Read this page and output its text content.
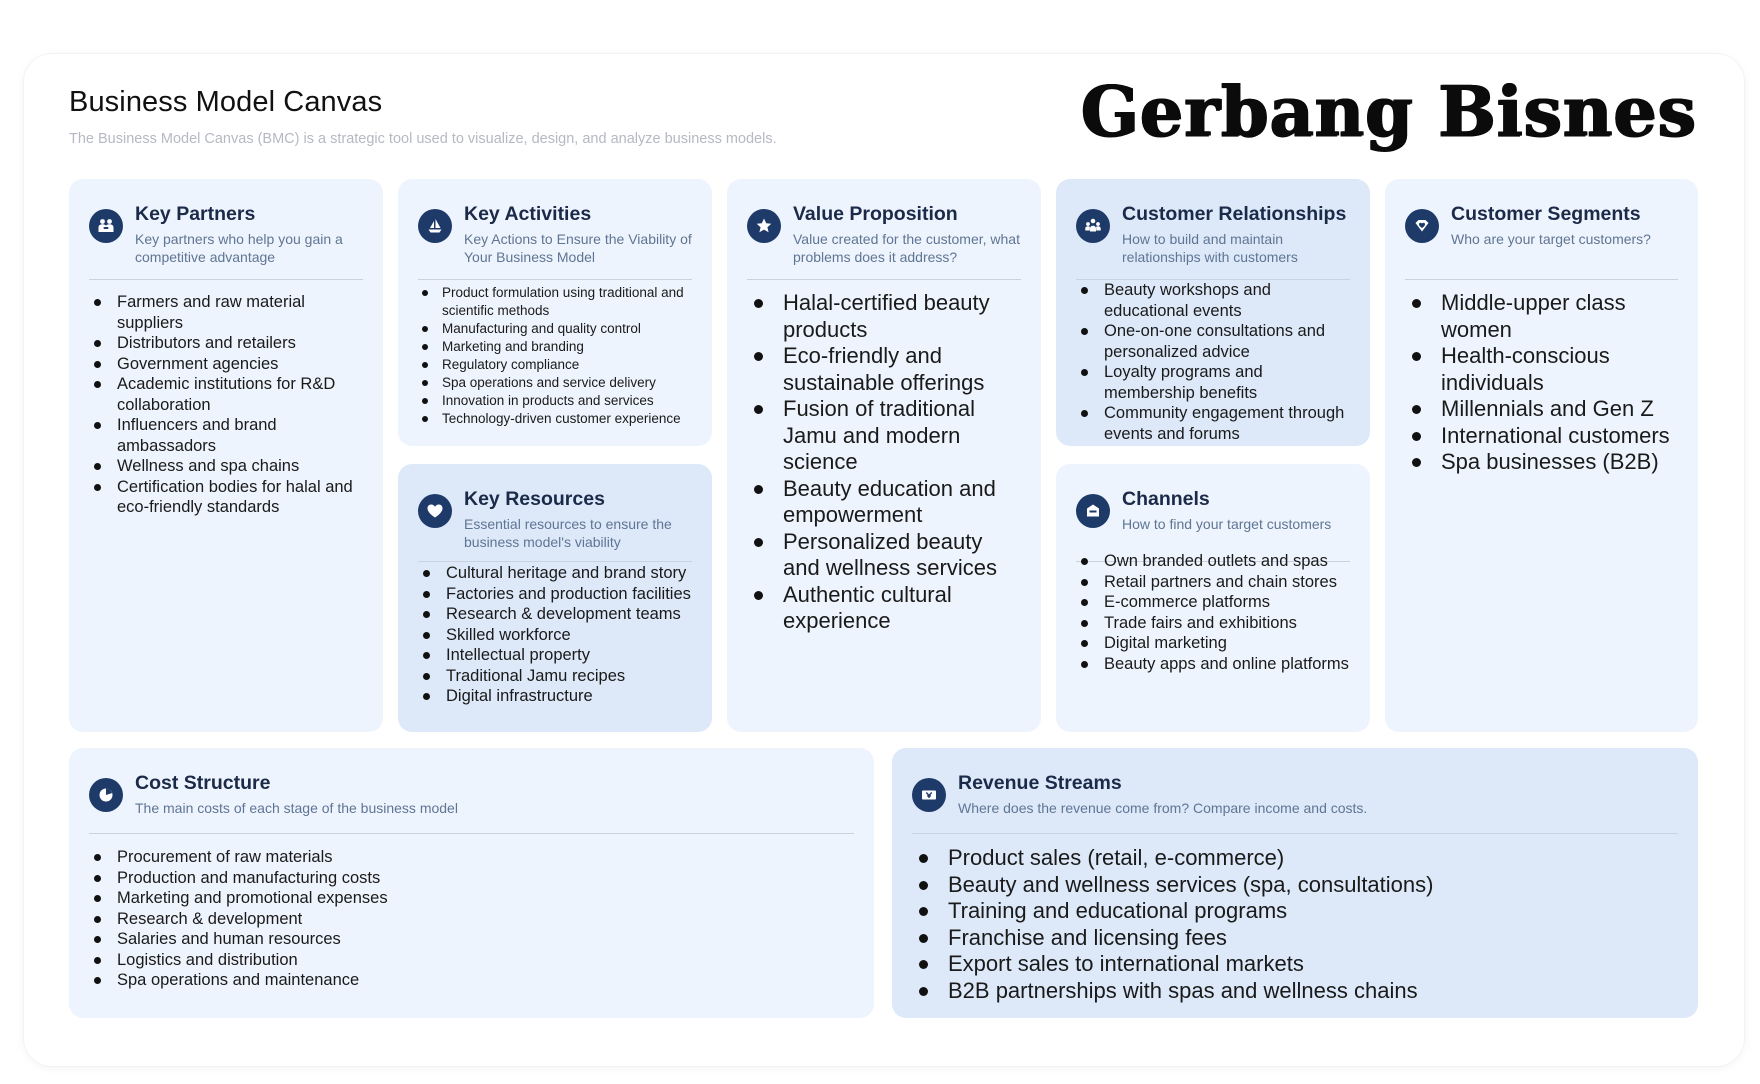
Business Model Canvas

The Business Model Canvas (BMC) is a strategic tool used to visualize, design, and analyze business models.	Gerbang Bisnes
Key Partners

Key partners who help you gain a competitive advantage

Farmers and raw material suppliers
Distributors and retailers
Government agencies
Academic institutions for R&D collaboration
Influencers and brand ambassadors
Wellness and spa chains
Certification bodies for halal and eco-friendly standards
Key Activities

Key Actions to Ensure the Viability of Your Business Model

Product formulation using traditional and scientific methods
Manufacturing and quality control
Marketing and branding
Regulatory compliance
Spa operations and service delivery
Innovation in products and services
Technology-driven customer experience
Key Resources

Essential resources to ensure the business model's viability

Cultural heritage and brand story
Factories and production facilities
Research & development teams
Skilled workforce
Intellectual property
Traditional Jamu recipes
Digital infrastructure
Value Proposition

Value created for the customer, what problems does it address?

Halal-certified beauty products
Eco-friendly and sustainable offerings
Fusion of traditional Jamu and modern science
Beauty education and empowerment
Personalized beauty and wellness services
Authentic cultural experience
Customer Relationships

How to build and maintain relationships with customers

Beauty workshops and educational events
One-on-one consultations and personalized advice
Loyalty programs and membership benefits
Community engagement through events and forums
Channels

How to find your target customers

Own branded outlets and spas
Retail partners and chain stores
E-commerce platforms
Trade fairs and exhibitions
Digital marketing
Beauty apps and online platforms
Customer Segments

Who are your target customers?

Middle-upper class women
Health-conscious individuals
Millennials and Gen Z
International customers
Spa businesses (B2B)
Cost Structure

The main costs of each stage of the business model

Procurement of raw materials
Production and manufacturing costs
Marketing and promotional expenses
Research & development
Salaries and human resources
Logistics and distribution
Spa operations and maintenance
Revenue Streams

Where does the revenue come from? Compare income and costs.

Product sales (retail, e-commerce)
Beauty and wellness services (spa, consultations)
Training and educational programs
Franchise and licensing fees
Export sales to international markets
B2B partnerships with spas and wellness chains
